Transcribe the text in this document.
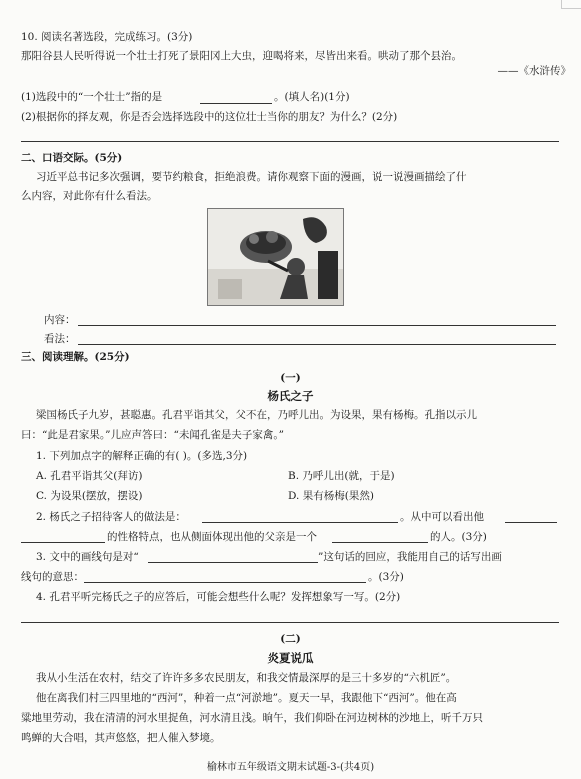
10. 阅读名著选段，完成练习。(3分)
那阳谷县人民听得说一个壮士打死了景阳冈上大虫，迎喝将来，尽皆出来看。哄动了那个县治。
——《水浒传》
(1)选段中的“一个壮士”指的是	。(填人名)(1分)
(2)根据你的择友观，你是否会选择选段中的这位壮士当你的朋友？为什么？(2分)
二、口语交际。(5分)
习近平总书记多次强调，要节约粮食，拒绝浪费。请你观察下面的漫画，说一说漫画描绘了什
么内容，对此你有什么看法。
内容：
看法：
三、阅读理解。(25分)
(一)
杨氏之子
梁国杨氏子九岁，甚聪惠。孔君平诣其父，父不在，乃呼儿出。为设果，果有杨梅。孔指以示儿
曰：“此是君家果。”儿应声答曰：“未闻孔雀是夫子家禽。”
1. 下列加点字的解释正确的有( )。(多选,3分)
A. 孔君平诣其父(拜访)	B. 乃呼儿出(就，于是)
C. 为设果(摆放，摆设)	D. 果有杨梅(果然)
2. 杨氏之子招待客人的做法是：	。从中可以看出他
的性格特点，也从侧面体现出他的父亲是一个	的人。(3分)
3. 文中的画线句是对“	”这句话的回应，我能用自己的话写出画
线句的意思：	。(3分)
4. 孔君平听完杨氏之子的应答后，可能会想些什么呢？发挥想象写一写。(2分)
(二)
炎夏说瓜
我从小生活在农村，结交了许许多多农民朋友，和我交情最深厚的是三十多岁的“六机匠”。
他在离我们村三四里地的“西河”，种着一点“河淤地”。夏天一早，我跟他下“西河”。他在高
粱地里劳动，我在清清的河水里捉鱼，河水清且浅。晌午，我们仰卧在河边树林的沙地上，听千万只
鸣蝉的大合唱，其声悠悠，把人催入梦境。
榆林市五年级语文期末试题-3-(共4页)
